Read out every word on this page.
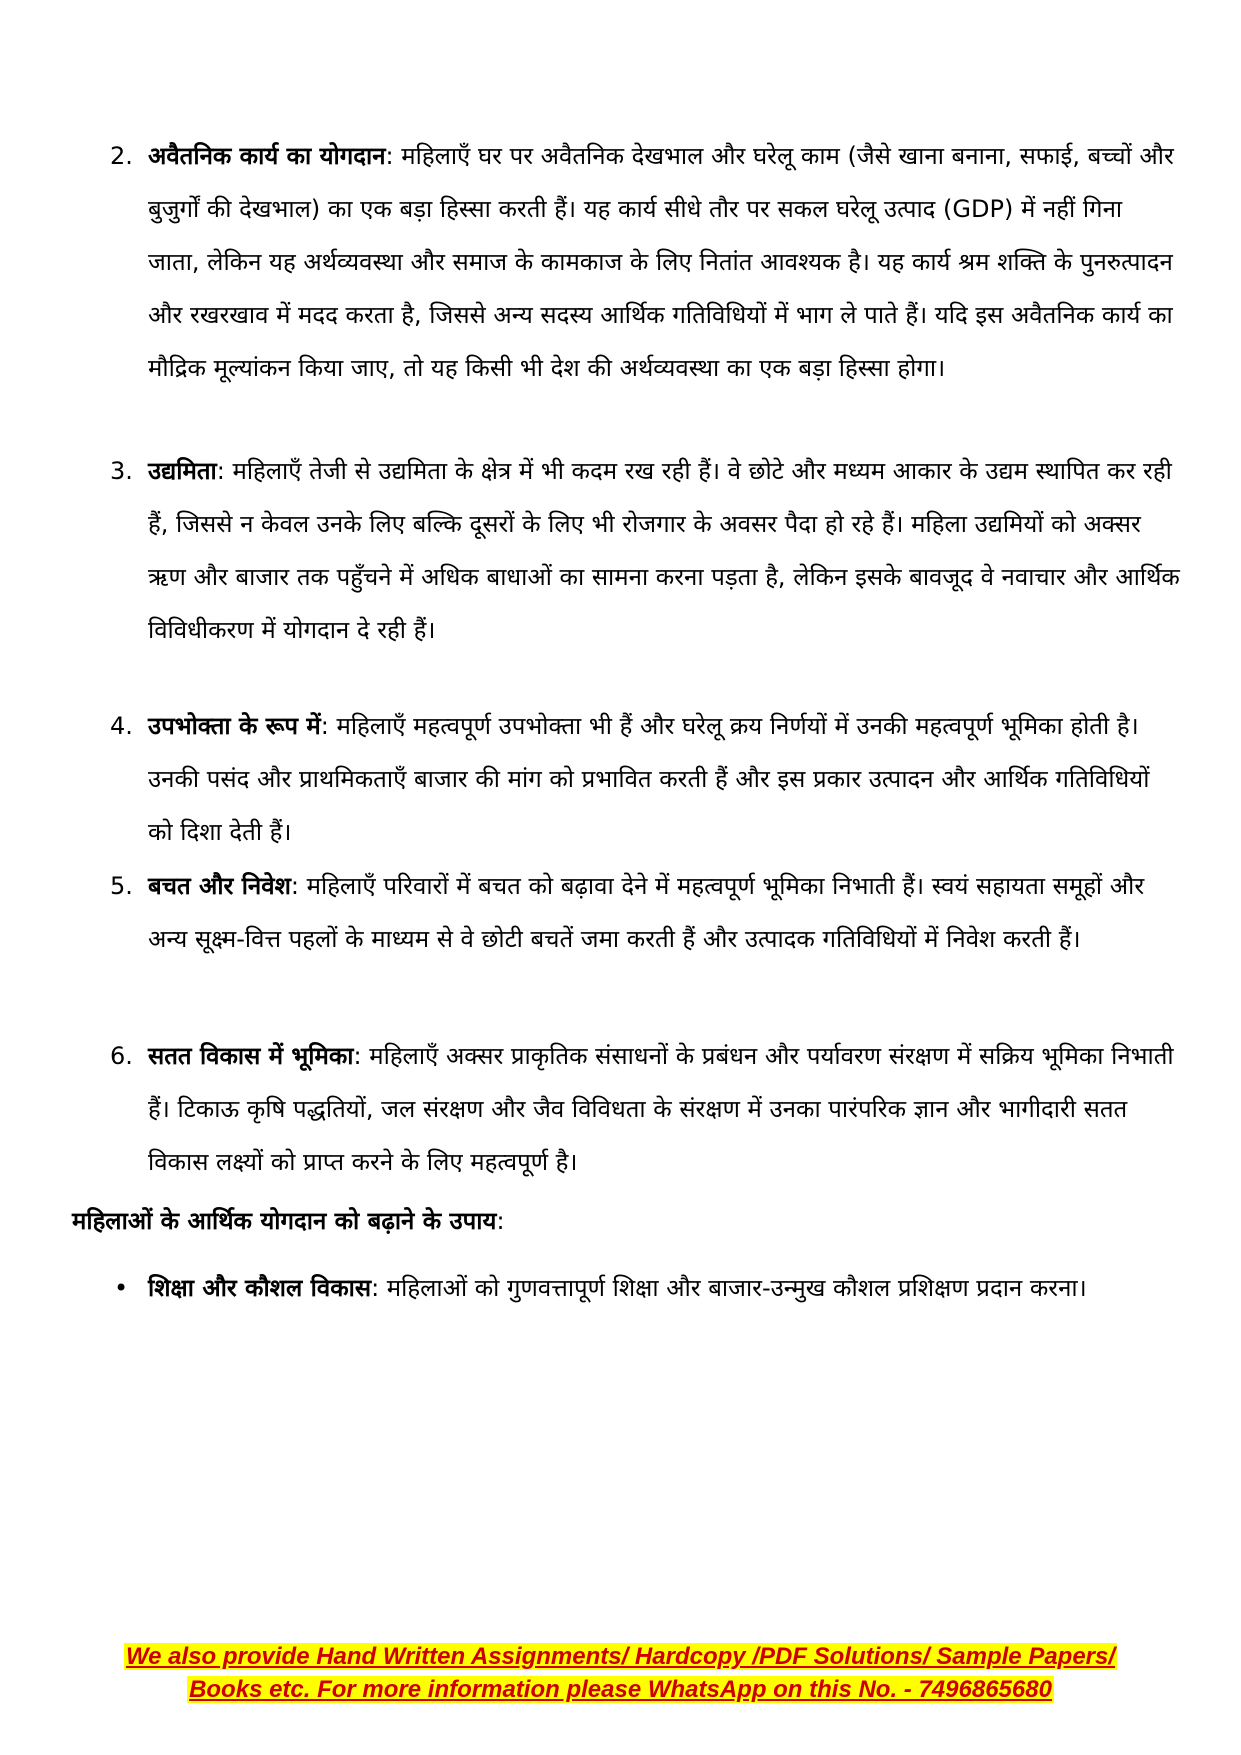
2. अवैतनिक कार्य का योगदान: महिलाएँ घर पर अवैतनिक देखभाल और घरेलू काम (जैसे खाना बनाना, सफाई, बच्चों और बुजुर्गों की देखभाल) का एक बड़ा हिस्सा करती हैं। यह कार्य सीधे तौर पर सकल घरेलू उत्पाद (GDP) में नहीं गिना जाता, लेकिन यह अर्थव्यवस्था और समाज के कामकाज के लिए नितांत आवश्यक है। यह कार्य श्रम शक्ति के पुनरुत्पादन और रखरखाव में मदद करता है, जिससे अन्य सदस्य आर्थिक गतिविधियों में भाग ले पाते हैं। यदि इस अवैतनिक कार्य का मौद्रिक मूल्यांकन किया जाए, तो यह किसी भी देश की अर्थव्यवस्था का एक बड़ा हिस्सा होगा।
3. उद्यमिता: महिलाएँ तेजी से उद्यमिता के क्षेत्र में भी कदम रख रही हैं। वे छोटे और मध्यम आकार के उद्यम स्थापित कर रही हैं, जिससे न केवल उनके लिए बल्कि दूसरों के लिए भी रोजगार के अवसर पैदा हो रहे हैं। महिला उद्यमियों को अक्सर ऋण और बाजार तक पहुँचने में अधिक बाधाओं का सामना करना पड़ता है, लेकिन इसके बावजूद वे नवाचार और आर्थिक विविधीकरण में योगदान दे रही हैं।
4. उपभोक्ता के रूप में: महिलाएँ महत्वपूर्ण उपभोक्ता भी हैं और घरेलू क्रय निर्णयों में उनकी महत्वपूर्ण भूमिका होती है। उनकी पसंद और प्राथमिकताएँ बाजार की मांग को प्रभावित करती हैं और इस प्रकार उत्पादन और आर्थिक गतिविधियों को दिशा देती हैं।
5. बचत और निवेश: महिलाएँ परिवारों में बचत को बढ़ावा देने में महत्वपूर्ण भूमिका निभाती हैं। स्वयं सहायता समूहों और अन्य सूक्ष्म-वित्त पहलों के माध्यम से वे छोटी बचतें जमा करती हैं और उत्पादक गतिविधियों में निवेश करती हैं।
6. सतत विकास में भूमिका: महिलाएँ अक्सर प्राकृतिक संसाधनों के प्रबंधन और पर्यावरण संरक्षण में सक्रिय भूमिका निभाती हैं। टिकाऊ कृषि पद्धतियों, जल संरक्षण और जैव विविधता के संरक्षण में उनका पारंपरिक ज्ञान और भागीदारी सतत विकास लक्ष्यों को प्राप्त करने के लिए महत्वपूर्ण है।
महिलाओं के आर्थिक योगदान को बढ़ाने के उपाय:
• शिक्षा और कौशल विकास: महिलाओं को गुणवत्तापूर्ण शिक्षा और बाजार-उन्मुख कौशल प्रशिक्षण प्रदान करना।
We also provide Hand Written Assignments/ Hardcopy /PDF Solutions/ Sample Papers/
Books etc. For more information please WhatsApp on this No. - 7496865680
